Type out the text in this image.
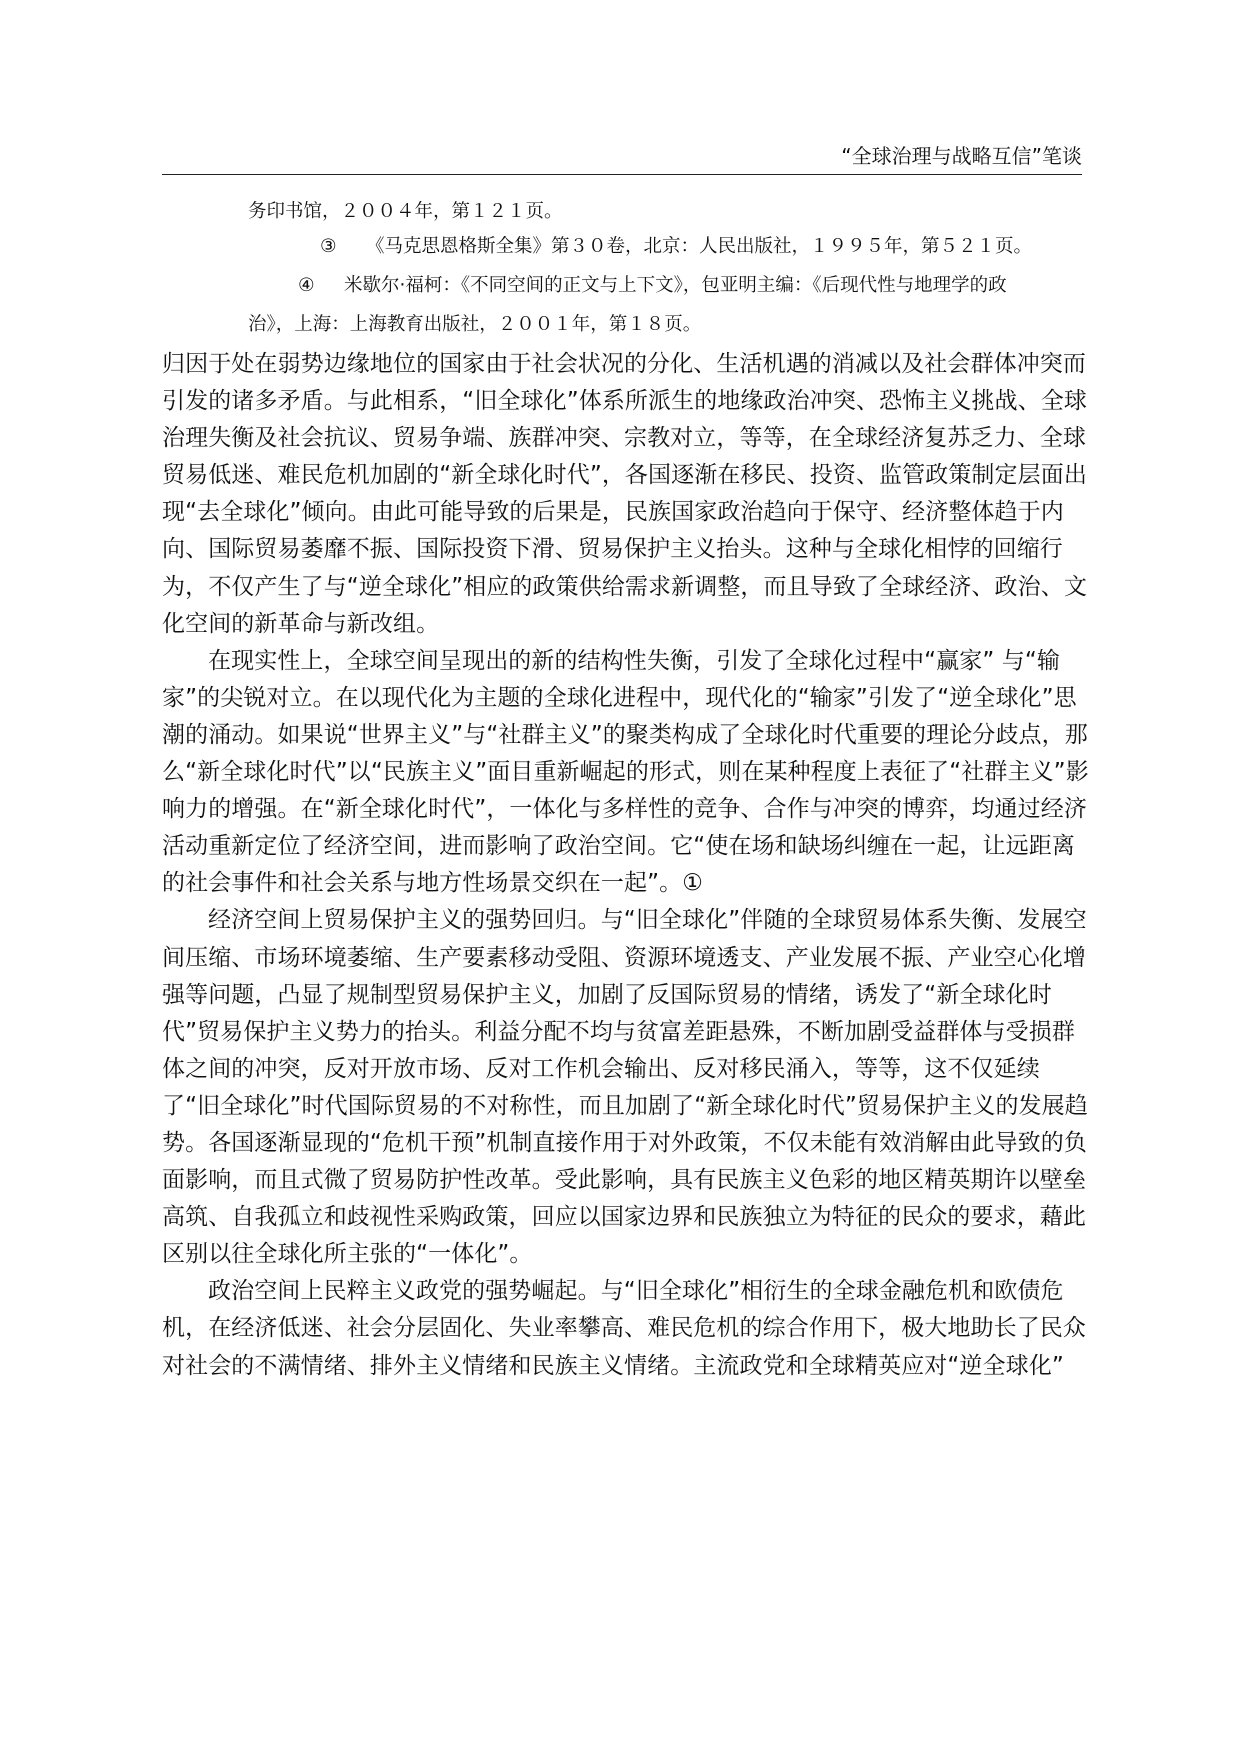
“全球治理与战略互信”笔谈
务印书馆，２００４年，第１２１页。
③ 《马克思恩格斯全集》第３０卷，北京：人民出版社，１９９５年，第５２１页。
④ 米歇尔·福柯：《不同空间的正文与上下文》，包亚明主编：《后现代性与地理学的政
治》，上海：上海教育出版社，２００１年，第１８页。

归因于处在弱势边缘地位的国家由于社会状况的分化、生活机遇的消减以及社会群体冲突而引发的诸多矛盾。与此相系，“旧全球化”体系所派生的地缘政治冲突、恐怖主义挑战、全球治理失衡及社会抗议、贸易争端、族群冲突、宗教对立，等等，在全球经济复苏乏力、全球贸易低迷、难民危机加剧的“新全球化时代”，各国逐渐在移民、投资、监管政策制定层面出现“去全球化”倾向。由此可能导致的后果是，民族国家政治趋向于保守、经济整体趋于内向、国际贸易萎靡不振、国际投资下滑、贸易保护主义抬头。这种与全球化相悖的回缩行为，不仅产生了与“逆全球化”相应的政策供给需求新调整，而且导致了全球经济、政治、文化空间的新革命与新改组。

在现实性上，全球空间呈现出的新的结构性失衡，引发了全球化过程中“赢家” 与“输家”的尖锐对立。在以现代化为主题的全球化进程中，现代化的“输家”引发了“逆全球化”思潮的涌动。如果说“世界主义”与“社群主义”的聚类构成了全球化时代重要的理论分歧点，那么“新全球化时代”以“民族主义”面目重新崛起的形式，则在某种程度上表征了“社群主义”影响力的增强。在“新全球化时代”，一体化与多样性的竞争、合作与冲突的博弈，均通过经济活动重新定位了经济空间，进而影响了政治空间。它“使在场和缺场纠缠在一起，让远距离的社会事件和社会关系与地方性场景交织在一起”。①

经济空间上贸易保护主义的强势回归。与“旧全球化”伴随的全球贸易体系失衡、发展空间压缩、市场环境萎缩、生产要素移动受阻、资源环境透支、产业发展不振、产业空心化增强等问题，凸显了规制型贸易保护主义，加剧了反国际贸易的情绪，诱发了“新全球化时代”贸易保护主义势力的抬头。利益分配不均与贫富差距悬殊，不断加剧受益群体与受损群体之间的冲突，反对开放市场、反对工作机会输出、反对移民涌入，等等，这不仅延续了“旧全球化”时代国际贸易的不对称性，而且加剧了“新全球化时代”贸易保护主义的发展趋势。各国逐渐显现的“危机干预”机制直接作用于对外政策，不仅未能有效消解由此导致的负面影响，而且式微了贸易防护性改革。受此影响，具有民族主义色彩的地区精英期许以壁垒高筑、自我孤立和歧视性采购政策，回应以国家边界和民族独立为特征的民众的要求，藉此区别以往全球化所主张的“一体化”。

政治空间上民粹主义政党的强势崛起。与“旧全球化”相衍生的全球金融危机和欧债危机，在经济低迷、社会分层固化、失业率攀高、难民危机的综合作用下，极大地助长了民众对社会的不满情绪、排外主义情绪和民族主义情绪。主流政党和全球精英应对“逆全球化”
